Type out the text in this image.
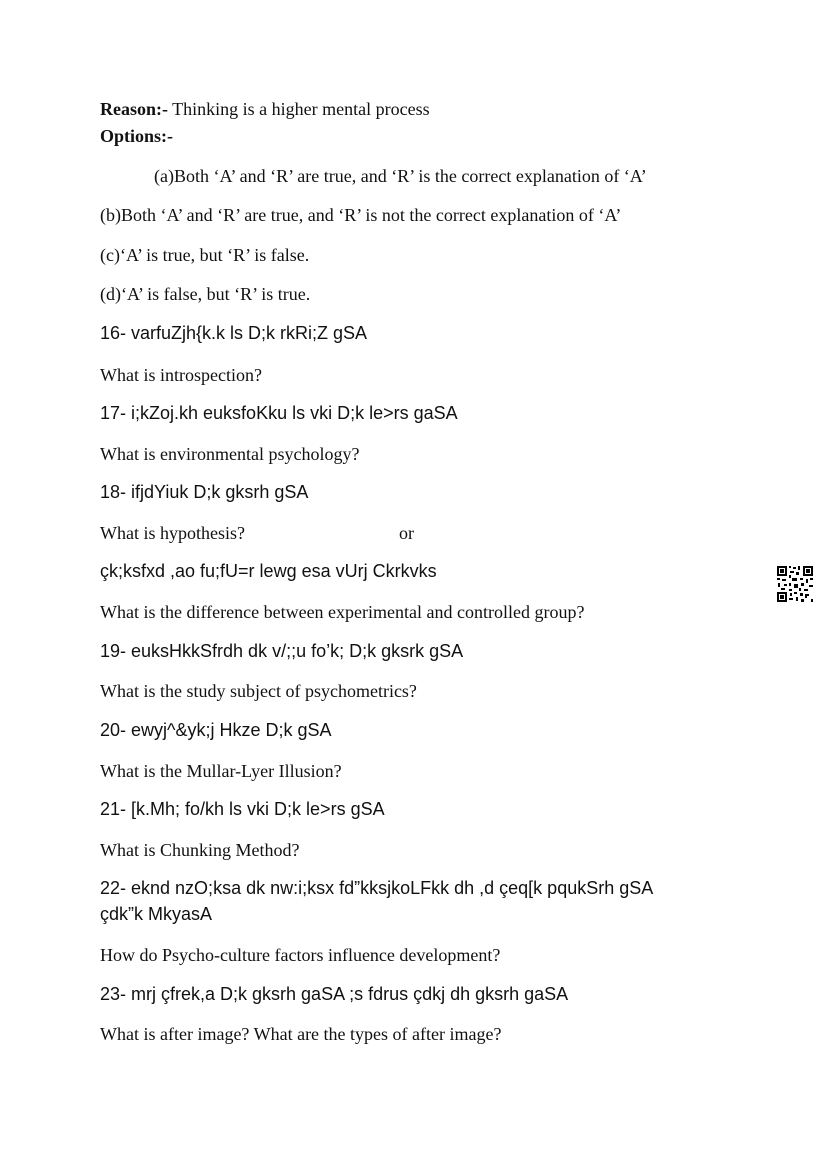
Reason:- Thinking is a higher mental process
Options:-
(a)Both ‘A’ and ‘R’ are true, and ‘R’ is the correct explanation of ‘A’
(b)Both ‘A’ and ‘R’ are true, and ‘R’ is not the correct explanation of ‘A’
(c)‘A’ is true, but ‘R’ is false.
(d)‘A’ is false, but ‘R’ is true.
16- varfuZjh{k.k ls D;k rkRi;Z gSA
What is introspection?
17- i;kZoj.kh euksfoKku ls vki D;k le>rs gaSA
What is environmental psychology?
18- ifjdYiuk D;k gksrh gSA
What is hypothesis?	or
çk;ksfxd ,ao fu;fU=r lewg esa vUrj Ckrkvks
What is the difference between experimental and controlled group?
19- euksHkkSfrdh dk v/;;u fo’k; D;k gksrk gSA
What is the study subject of psychometrics?
20- ewyj^&yk;j Hkze D;k gSA
What is the Mullar-Lyer Illusion?
21- [k.Mh; fo/kh ls vki D;k le>rs gSA
What is Chunking Method?
22- eknd nzO;ksa dk nw:i;ksx fd”kksjkoLFkk dh ,d çeq[k pqukSrh gSA
çdk”k MkyasA
How do Psycho-culture factors influence development?
23- mrj çfrek,a D;k gksrh gaSA ;s fdrus çdkj dh gksrh gaSA
What is after image? What are the types of after image?
